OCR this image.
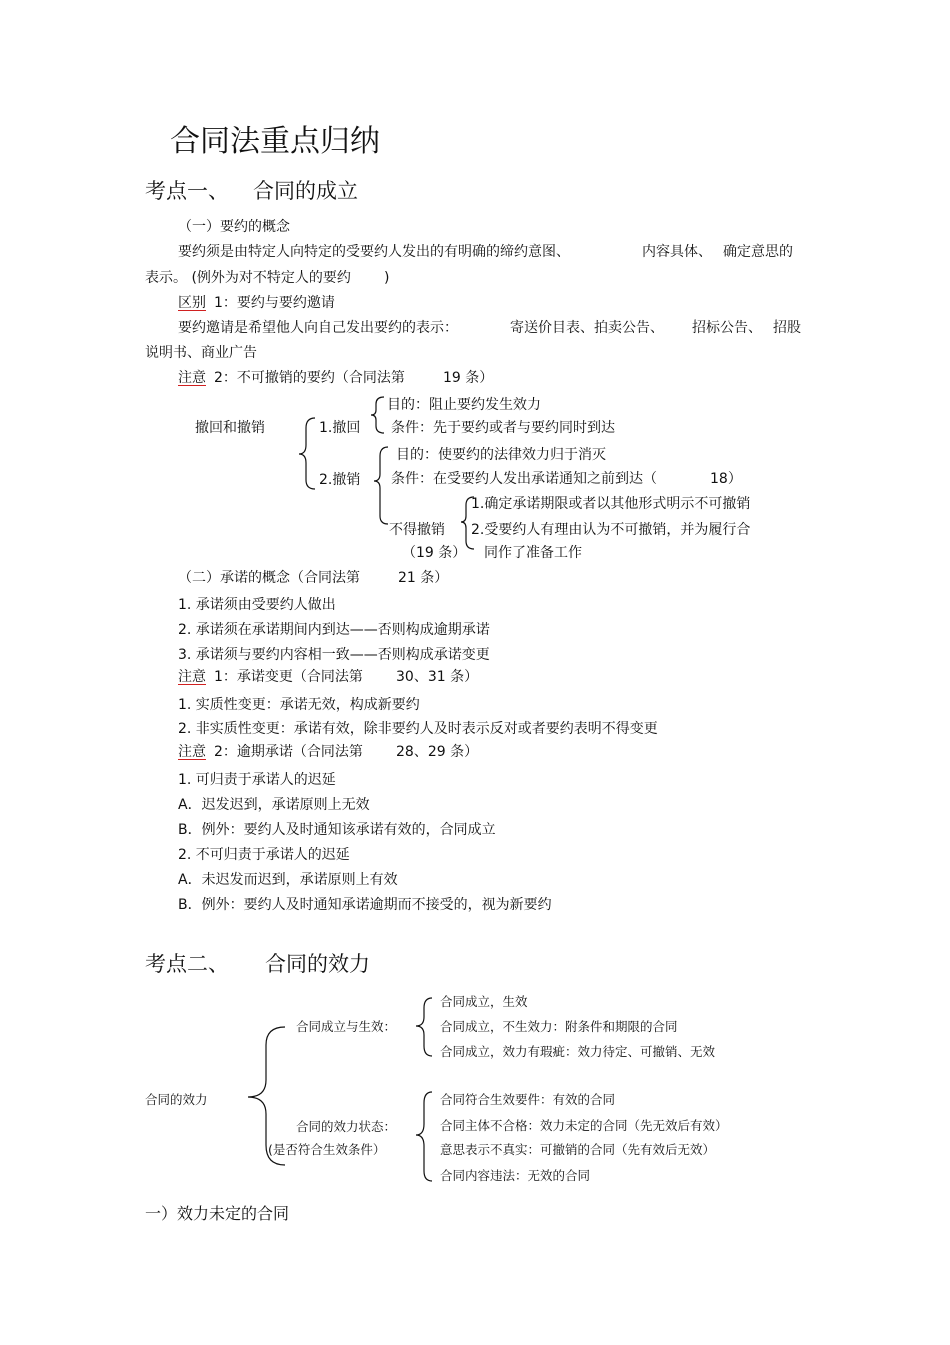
合同法重点归纳
考点一、 合同的成立
（一）要约的概念
要约须是由特定人向特定的受要约人发出的有明确的缔约意图、	内容具体、 确定意思的
表示。 (例外为对不特定人的要约 )
区别 1：要约与要约邀请
要约邀请是希望他人向自己发出要约的表示：	寄送价目表、拍卖公告、 招标公告、 招股
说明书、商业广告
注意 2：不可撤销的要约（合同法第	19 条）
撤回和撤销	1.撤回
目的：阻止要约发生效力
条件：先于要约或者与要约同时到达
2.撤销
目的：使要约的法律效力归于消灭
条件：在受要约人发出承诺通知之前到达（	18）
不得撤销
（19 条）
1.确定承诺期限或者以其他形式明示不可撤销
2.受要约人有理由认为不可撤销，并为履行合
同作了准备工作
（二）承诺的概念（合同法第	21 条）
1. 承诺须由受要约人做出
2. 承诺须在承诺期间内到达——否则构成逾期承诺
3. 承诺须与要约内容相一致——否则构成承诺变更
注意 1：承诺变更（合同法第 30、31 条）
1. 实质性变更：承诺无效，构成新要约
2. 非实质性变更：承诺有效，除非要约人及时表示反对或者要约表明不得变更
注意 2：逾期承诺（合同法第 28、29 条）
1. 可归责于承诺人的迟延
A．迟发迟到，承诺原则上无效
B．例外：要约人及时通知该承诺有效的，合同成立
2. 不可归责于承诺人的迟延
A．未迟发而迟到，承诺原则上有效
B．例外：要约人及时通知承诺逾期而不接受的，视为新要约
考点二、 合同的效力
合同的效力
合同成立与生效：
合同成立，生效
合同成立，不生效力：附条件和期限的合同
合同成立，效力有瑕疵：效力待定、可撤销、无效
合同的效力状态：
(是否符合生效条件）
合同符合生效要件：有效的合同
合同主体不合格：效力未定的合同（先无效后有效）
意思表示不真实：可撤销的合同（先有效后无效）
合同内容违法：无效的合同
一）效力未定的合同
